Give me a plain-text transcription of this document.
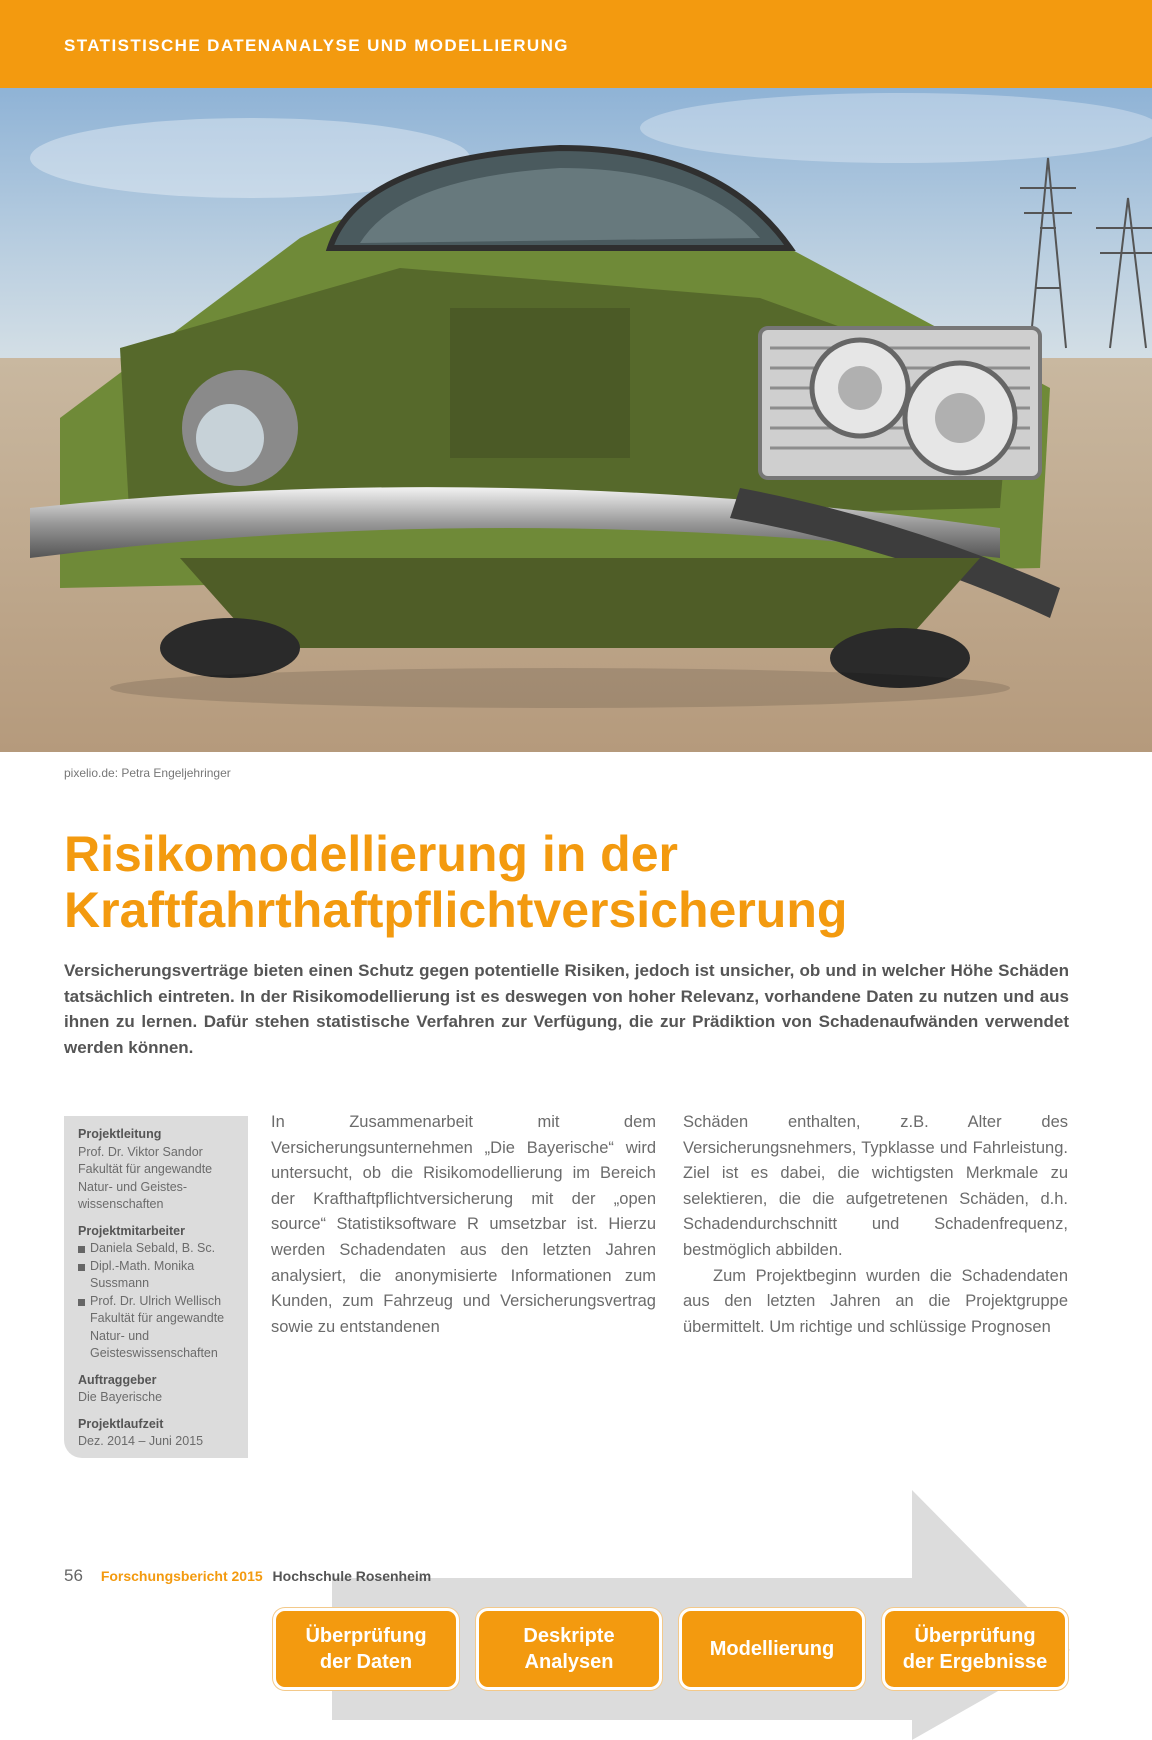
STATISTISCHE DATENANALYSE UND MODELLIERUNG
pixelio.de: Petra Engeljehringer
Risikomodellierung in der
Kraftfahrthaftpflichtversicherung

Versicherungsverträge bieten einen Schutz gegen potentielle Risiken, jedoch ist unsicher, ob und in welcher Höhe Schäden tatsächlich eintreten. In der Risikomodellierung ist es deswegen von hoher Relevanz, vorhandene Daten zu nutzen und aus ihnen zu lernen. Dafür stehen statistische Verfahren zur Verfügung, die zur Prädiktion von Schadenaufwänden verwendet werden können.

Projektleitung
Prof. Dr. Viktor Sandor
Fakultät für angewandte
Natur- und Geistes-
wissenschaften
Projektmitarbeiter
Daniela Sebald, B. Sc.
Dipl.-Math. Monika Sussmann
Prof. Dr. Ulrich Wellisch Fakultät für angewandte Natur- und Geisteswissenschaften
Auftraggeber
Die Bayerische
Projektlaufzeit
Dez. 2014 – Juni 2015

In Zusammenarbeit mit dem Versicherungsunternehmen „Die Bayerische“ wird untersucht, ob die Risikomodellierung im Bereich der Krafthaftpflichtversicherung mit der „open source“ Statistiksoftware R umsetzbar ist. Hierzu werden Schadendaten aus den letzten Jahren analysiert, die anonymisierte Informationen zum Kunden, zum Fahrzeug und Versicherungsvertrag sowie zu entstandenen

Schäden enthalten, z.B. Alter des Versicherungsnehmers, Typklasse und Fahrleistung. Ziel ist es dabei, die wichtigsten Merkmale zu selektieren, die die aufgetretenen Schäden, d.h. Schadendurchschnitt und Schadenfrequenz, bestmöglich abbilden.

Zum Projektbeginn wurden die Schadendaten aus den letzten Jahren an die Projektgruppe übermittelt. Um richtige und schlüssige Prognosen

Überprüfung
der Daten
Deskripte
Analysen
Modellierung
Überprüfung
der Ergebnisse
56 Forschungsbericht 2015 Hochschule Rosenheim
